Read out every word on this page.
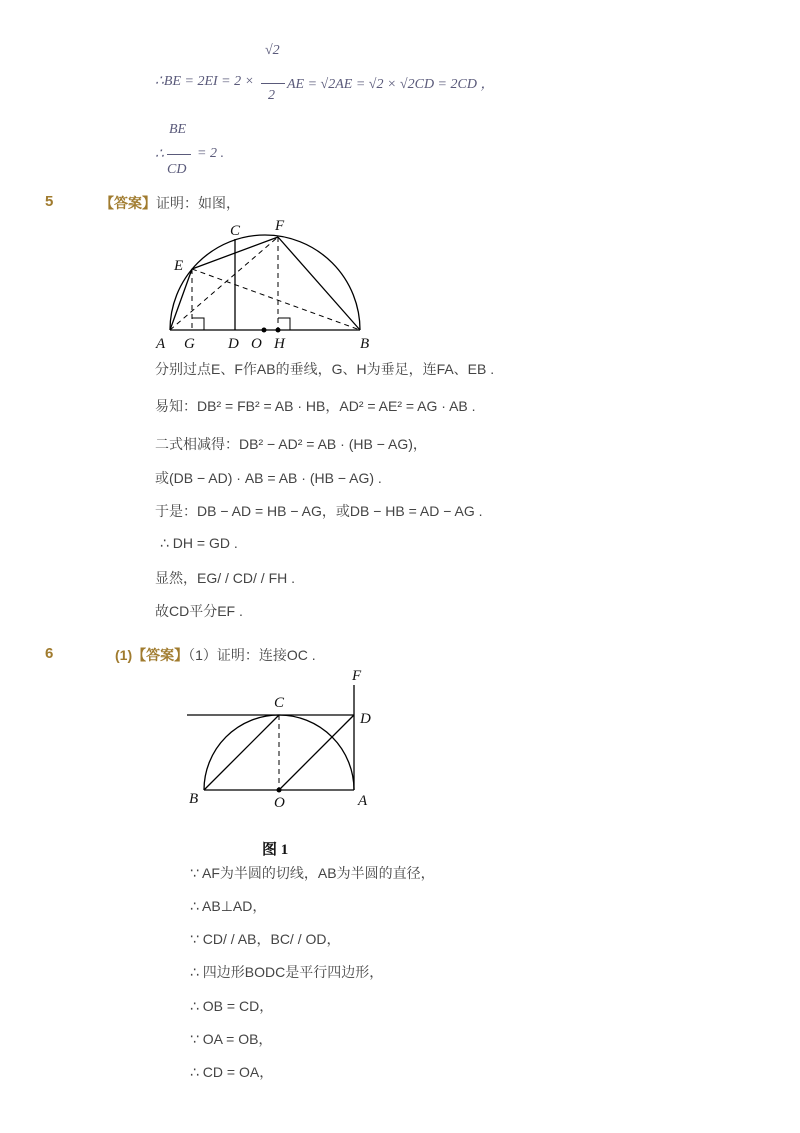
∴BE = 2EI = 2 ×
√2
2
AE = √2AE = √2 × √2CD = 2CD ，
∴
BE
CD
= 2 .
5	【答案】证明：如图，
C F
E
A G D O H	B
分别过点E、F作AB的垂线，G、H为垂足，连FA、EB .
易知：DB² = FB² = AB · HB，AD² = AE² = AG · AB .
二式相减得：DB² − AD² = AB · (HB − AG)，
或(DB − AD) · AB = AB · (HB − AG) .
于是：DB − AD = HB − AG，或DB − HB = AD − AG .
∴ DH = GD .
显然，EG/ / CD/ / FH .
故CD平分EF .
6	(1)【答案】（1）证明：连接OC .
F
C
D
B	O	A
图 1
∵ AF为半圆的切线，AB为半圆的直径，
∴ AB⊥AD，
∵ CD/ / AB，BC/ / OD，
∴ 四边形BODC是平行四边形，
∴ OB = CD，
∵ OA = OB，
∴ CD = OA，
